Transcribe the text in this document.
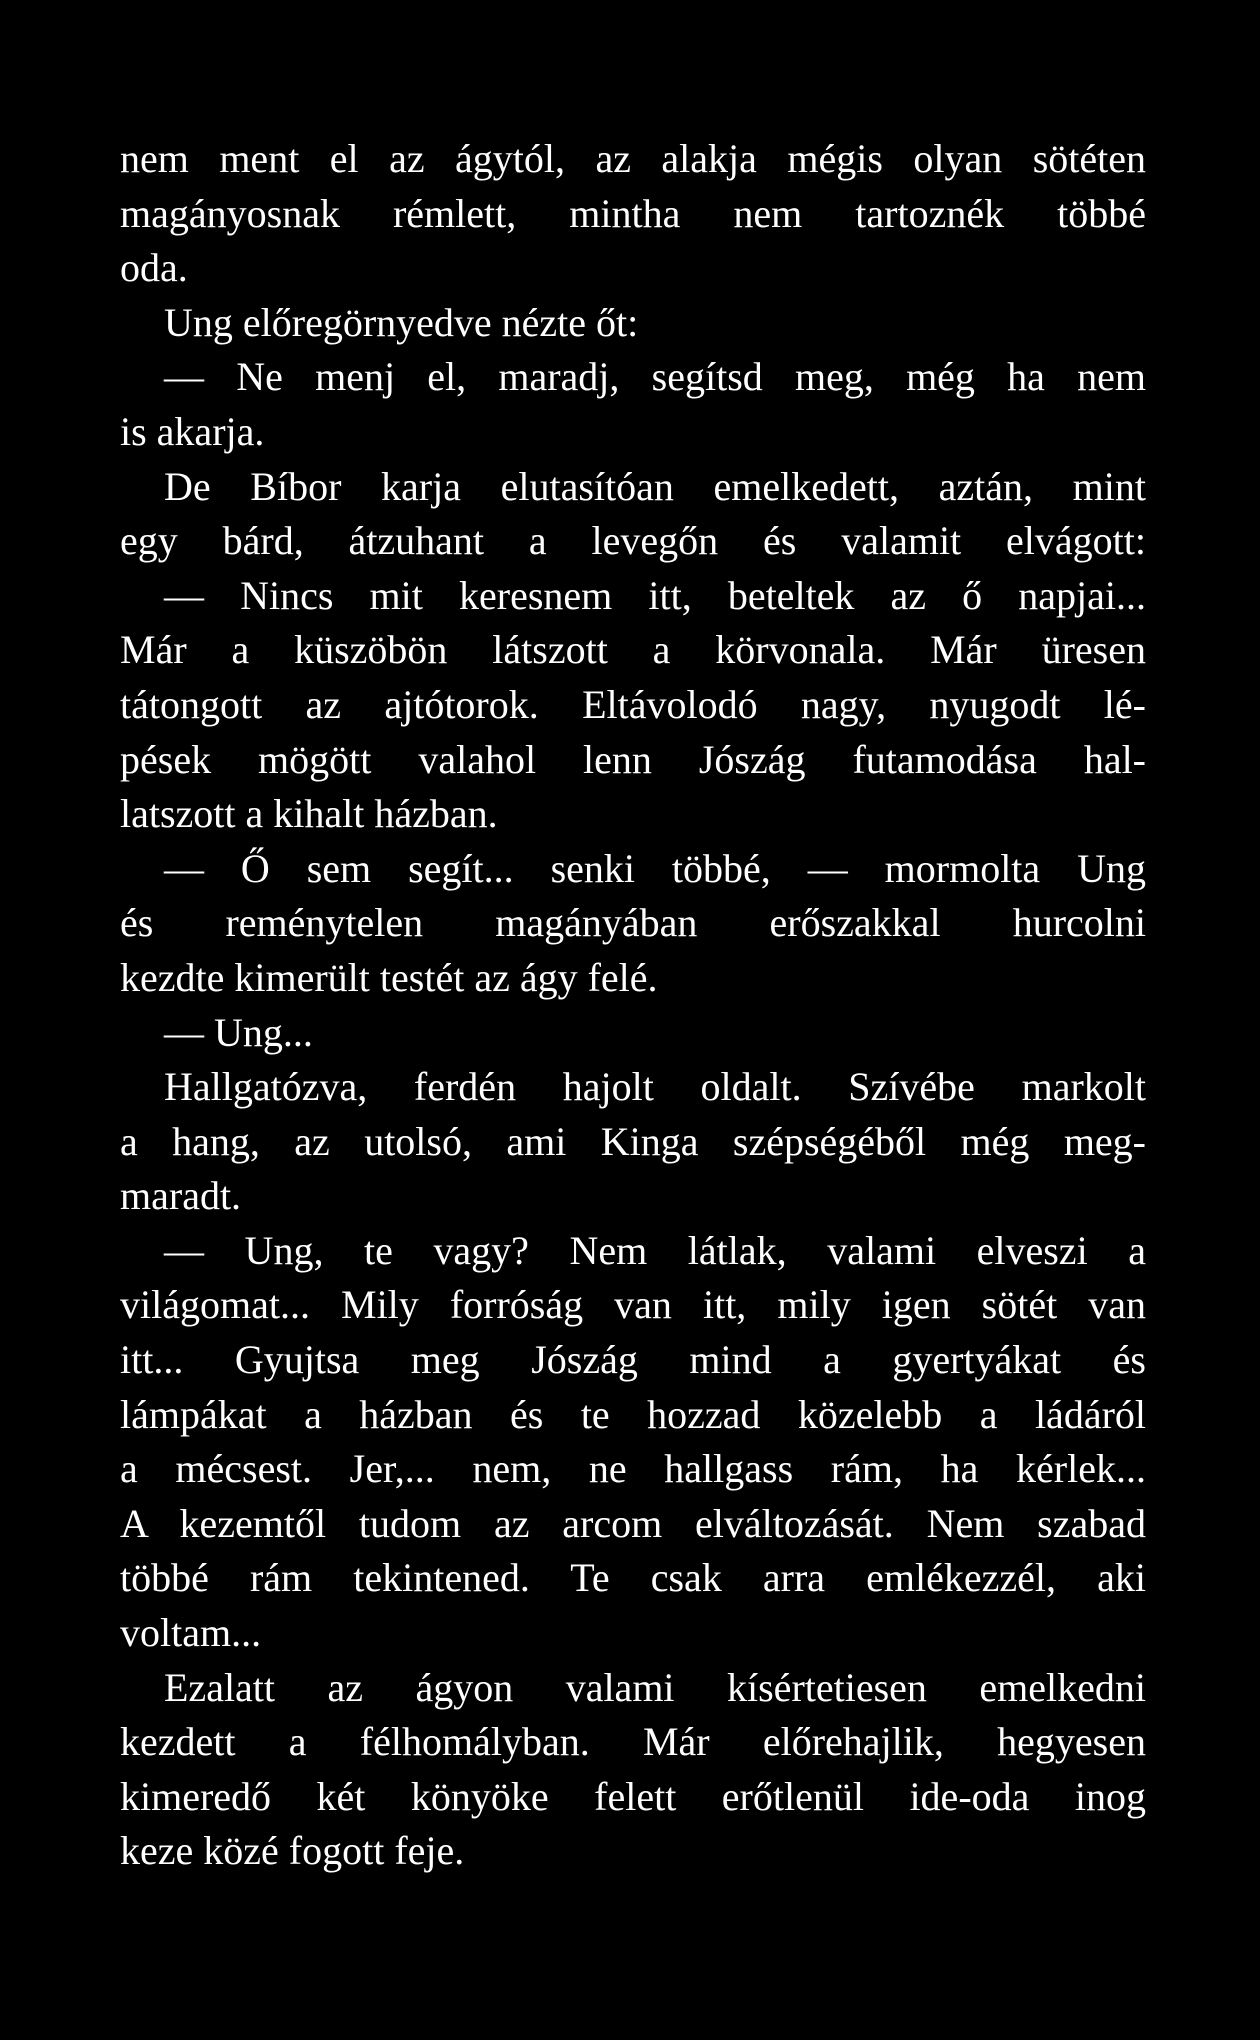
nem ment el az ágytól, az alakja mégis olyan sötéten
magányosnak rémlett, mintha nem tartoznék többé
oda.
Ung előregörnyedve nézte őt:
— Ne menj el, maradj, segítsd meg, még ha nem
is akarja.
De Bíbor karja elutasítóan emelkedett, aztán, mint
egy bárd, átzuhant a levegőn és valamit elvágott:
— Nincs mit keresnem itt, beteltek az ő napjai...
Már a küszöbön látszott a körvonala. Már üresen
tátongott az ajtótorok. Eltávolodó nagy, nyugodt lé-
pések mögött valahol lenn Jószág futamodása hal-
latszott a kihalt házban.
— Ő sem segít... senki többé, — mormolta Ung
és reménytelen magányában erőszakkal hurcolni
kezdte kimerült testét az ágy felé.
— Ung...
Hallgatózva, ferdén hajolt oldalt. Szívébe markolt
a hang, az utolsó, ami Kinga szépségéből még meg-
maradt.
— Ung, te vagy? Nem látlak, valami elveszi a
világomat... Mily forróság van itt, mily igen sötét van
itt... Gyujtsa meg Jószág mind a gyertyákat és
lámpákat a házban és te hozzad közelebb a ládáról
a mécsest. Jer,... nem, ne hallgass rám, ha kérlek...
A kezemtől tudom az arcom elváltozását. Nem szabad
többé rám tekintened. Te csak arra emlékezzél, aki
voltam...
Ezalatt az ágyon valami kísértetiesen emelkedni
kezdett a félhomályban. Már előrehajlik, hegyesen
kimeredő két könyöke felett erőtlenül ide-oda inog
keze közé fogott feje.
